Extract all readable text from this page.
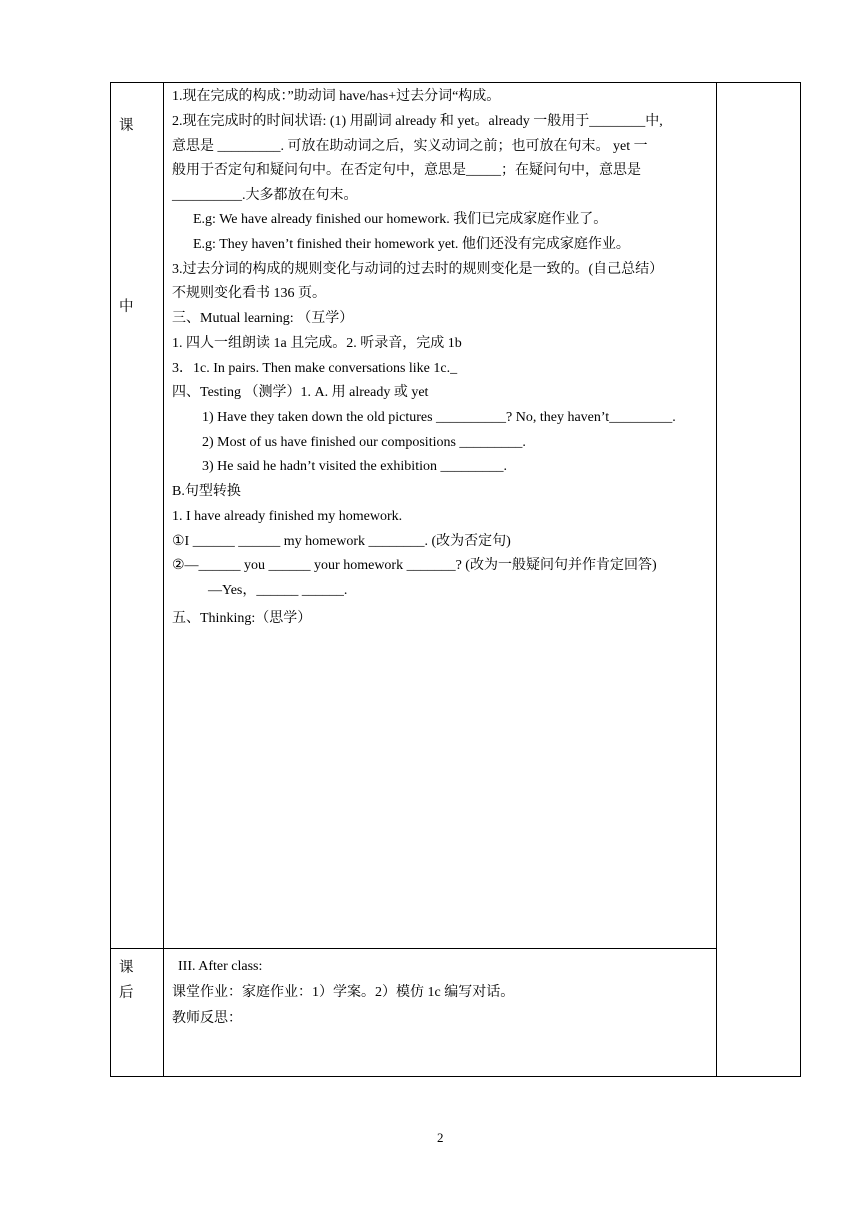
课
中
课
后
1.现在完成的构成：”助动词 have/has+过去分词“构成。
2.现在完成时的时间状语: (1) 用副词 already 和 yet。already 一般用于________中,
意思是 _________. 可放在助动词之后，实义动词之前；也可放在句末。 yet 一
般用于否定句和疑问句中。在否定句中，意思是_____；在疑问句中，意思是
__________.大多都放在句末。
E.g: We have already finished our homework. 我们已完成家庭作业了。
E.g: They haven’t finished their homework yet. 他们还没有完成家庭作业。
3.过去分词的构成的规则变化与动词的过去时的规则变化是一致的。(自己总结）
不规则变化看书 136 页。
三、Mutual learning: （互学）
1. 四人一组朗读 1a 且完成。2. 听录音，完成 1b
3．1c. In pairs. Then make conversations like 1c._
四、Testing （测学）1. A. 用 already 或 yet
1) Have they taken down the old pictures __________? No, they haven’t_________.
2) Most of us have finished our compositions _________.
3) He said he hadn’t visited the exhibition _________.
B.句型转换
1. I have already finished my homework.
①I ______ ______ my homework ________. (改为否定句)
②—______ you ______ your homework _______? (改为一般疑问句并作肯定回答)
—Yes，______ ______.
五、Thinking:（思学）
III. After class:
课堂作业：家庭作业：1）学案。2）模仿 1c 编写对话。
教师反思：
2
